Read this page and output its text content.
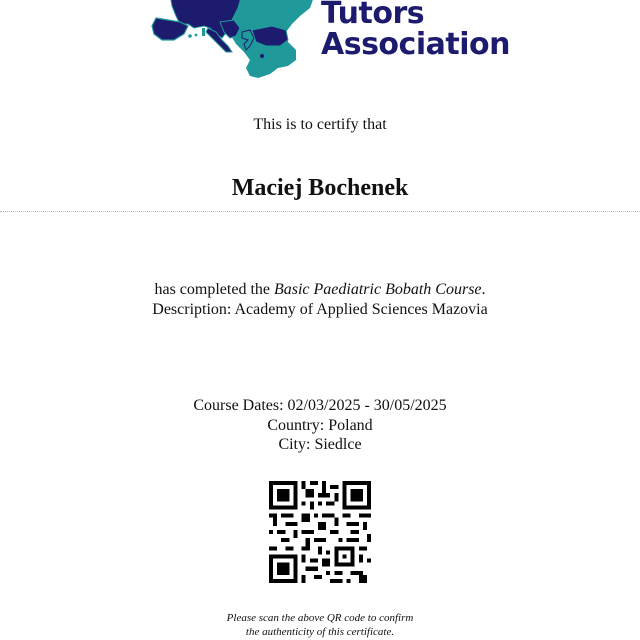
Tutors
Association
This is to certify that
Maciej Bochenek
has completed the Basic Paediatric Bobath Course.
Description: Academy of Applied Sciences Mazovia
Course Dates: 02/03/2025 - 30/05/2025
Country: Poland
City: Siedlce
Please scan the above QR code to confirm
the authenticity of this certificate.
